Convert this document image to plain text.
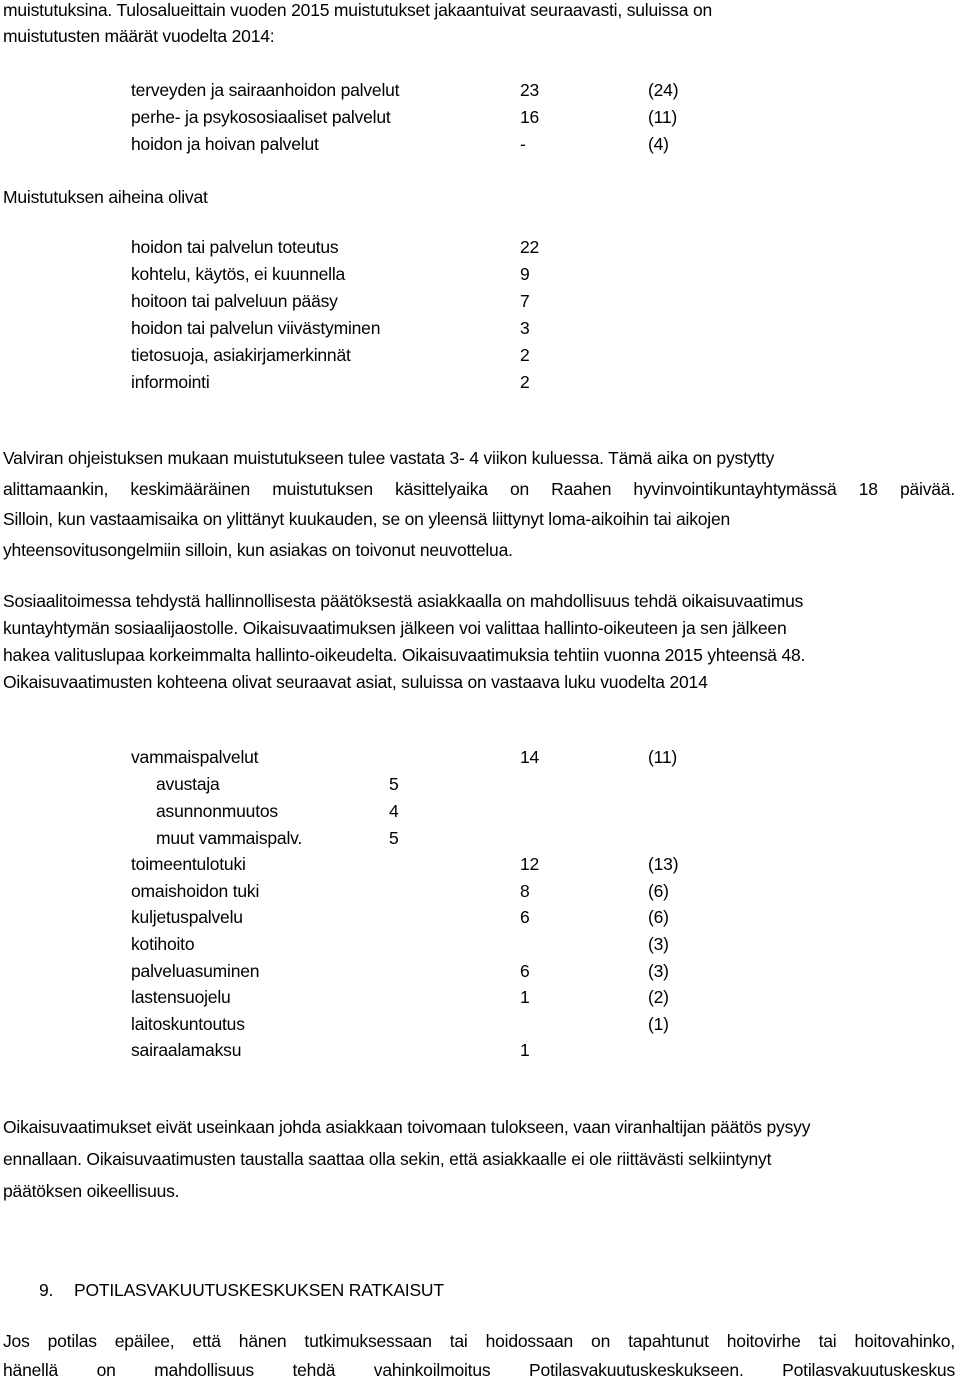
muistutuksina. Tulosalueittain vuoden 2015 muistutukset jakaantuivat seuraavasti, suluissa on
muistutusten määrät vuodelta 2014:
terveyden ja sairaanhoidon palvelut	23	(24)
perhe- ja psykososiaaliset palvelut	16	(11)
hoidon ja hoivan palvelut	-	(4)
Muistutuksen aiheina olivat
hoidon tai palvelun toteutus	22
kohtelu, käytös, ei kuunnella	9
hoitoon tai palveluun pääsy	7
hoidon tai palvelun viivästyminen	3
tietosuoja, asiakirjamerkinnät	2
informointi	2
Valviran ohjeistuksen mukaan muistutukseen tulee vastata 3- 4 viikon kuluessa. Tämä aika on pystytty
alittamaankin, keskimääräinen muistutuksen käsittelyaika on Raahen hyvinvointikuntayhtymässä 18 päivää.
Silloin, kun vastaamisaika on ylittänyt kuukauden, se on yleensä liittynyt loma-aikoihin tai aikojen
yhteensovitusongelmiin silloin, kun asiakas on toivonut neuvottelua.
Sosiaalitoimessa tehdystä hallinnollisesta päätöksestä asiakkaalla on mahdollisuus tehdä oikaisuvaatimus
kuntayhtymän sosiaalijaostolle. Oikaisuvaatimuksen jälkeen voi valittaa hallinto-oikeuteen ja sen jälkeen
hakea valituslupaa korkeimmalta hallinto-oikeudelta. Oikaisuvaatimuksia tehtiin vuonna 2015 yhteensä 48.
Oikaisuvaatimusten kohteena olivat seuraavat asiat, suluissa on vastaava luku vuodelta 2014
vammaispalvelut	14	(11)
avustaja	5
asunnonmuutos	4
muut vammaispalv.	5
toimeentulotuki	12	(13)
omaishoidon tuki	8	(6)
kuljetuspalvelu	6	(6)
kotihoito	(3)
palveluasuminen	6	(3)
lastensuojelu	1	(2)
laitoskuntoutus	(1)
sairaalamaksu	1
Oikaisuvaatimukset eivät useinkaan johda asiakkaan toivomaan tulokseen, vaan viranhaltijan päätös pysyy
ennallaan. Oikaisuvaatimusten taustalla saattaa olla sekin, että asiakkaalle ei ole riittävästi selkiintynyt
päätöksen oikeellisuus.
9. POTILASVAKUUTUSKESKUKSEN RATKAISUT
Jos potilas epäilee, että hänen tutkimuksessaan tai hoidossaan on tapahtunut hoitovirhe tai hoitovahinko,
hänellä on mahdollisuus tehdä vahinkoilmoitus Potilasvakuutuskeskukseen. Potilasvakuutuskeskus
